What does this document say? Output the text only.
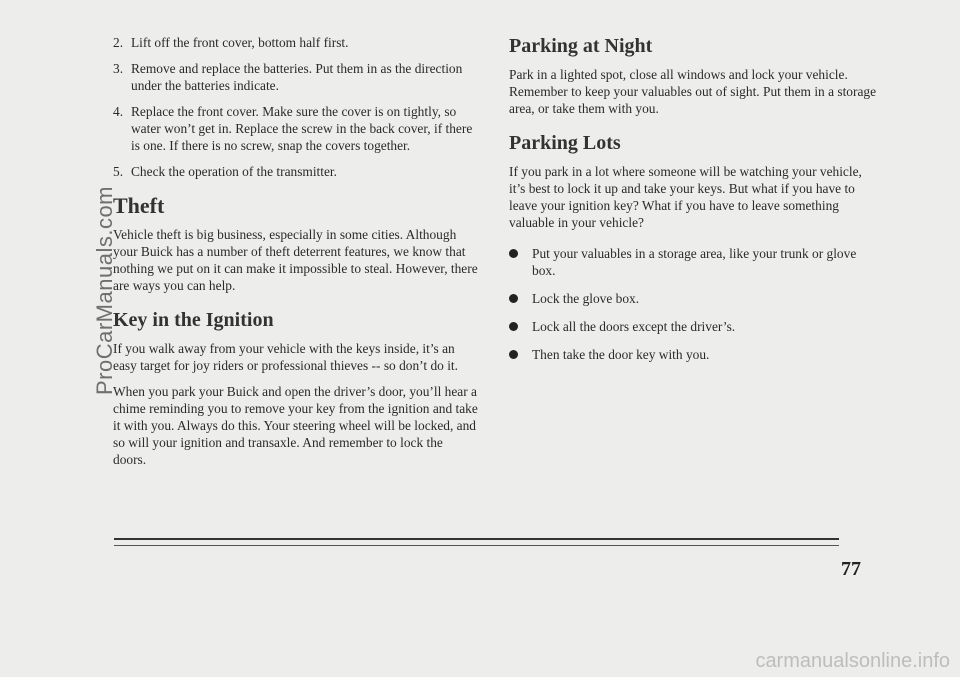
2. Lift off the front cover, bottom half first.
3. Remove and replace the batteries. Put them in as the direction under the batteries indicate.
4. Replace the front cover. Make sure the cover is on tightly, so water won’t get in. Replace the screw in the back cover, if there is one. If there is no screw, snap the covers together.
5. Check the operation of the transmitter.
Theft

Vehicle theft is big business, especially in some cities. Although your Buick has a number of theft deterrent features, we know that nothing we put on it can make it impossible to steal. However, there are ways you can help.

Key in the Ignition

If you walk away from your vehicle with the keys inside, it’s an easy target for joy riders or professional thieves -- so don’t do it.

When you park your Buick and open the driver’s door, you’ll hear a chime reminding you to remove your key from the ignition and take it with you. Always do this. Your steering wheel will be locked, and so will your ignition and transaxle. And remember to lock the doors.

Parking at Night

Park in a lighted spot, close all windows and lock your vehicle. Remember to keep your valuables out of sight. Put them in a storage area, or take them with you.

Parking Lots

If you park in a lot where someone will be watching your vehicle, it’s best to lock it up and take your keys. But what if you have to leave your ignition key? What if you have to leave something valuable in your vehicle?

Put your valuables in a storage area, like your trunk or glove box.
Lock the glove box.
Lock all the doors except the driver’s.
Then take the door key with you.
77
ProCarManuals.com
carmanualsonline.info
